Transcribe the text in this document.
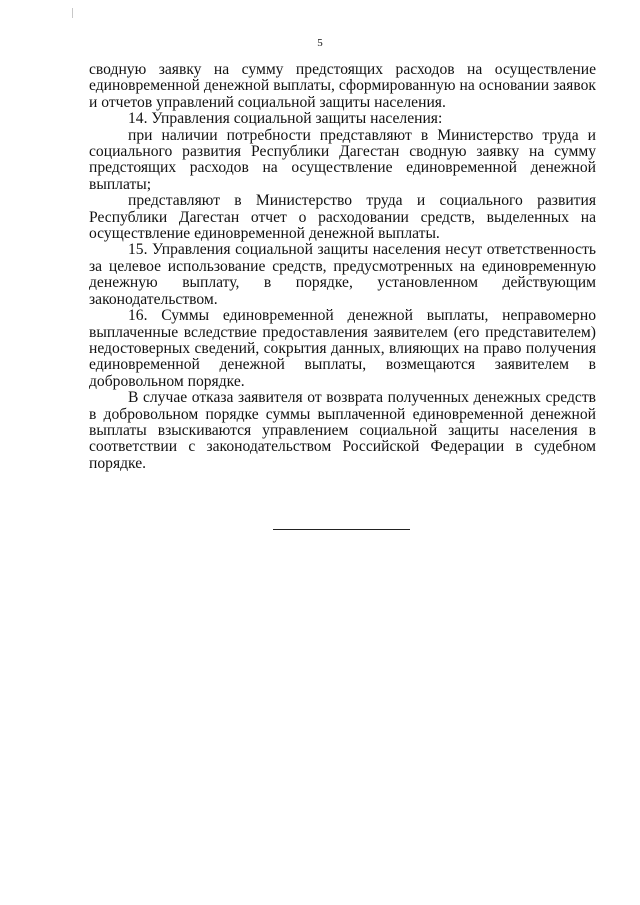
5

сводную заявку на сумму предстоящих расходов на осуществление единовременной денежной выплаты, сформированную на основании заявок и отчетов управлений социальной защиты населения.

14. Управления социальной защиты населения:

при наличии потребности представляют в Министерство труда и социального развития Республики Дагестан сводную заявку на сумму предстоящих расходов на осуществление единовременной денежной выплаты;

представляют в Министерство труда и социального развития Республики Дагестан отчет о расходовании средств, выделенных на осуществление единовременной денежной выплаты.

15. Управления социальной защиты населения несут ответственность за целевое использование средств, предусмотренных на единовременную денежную выплату, в порядке, установленном действующим законодательством.

16. Суммы единовременной денежной выплаты, неправомерно выплаченные вследствие предоставления заявителем (его представителем) недостоверных сведений, сокрытия данных, влияющих на право получения единовременной денежной выплаты, возмещаются заявителем в добровольном порядке.

В случае отказа заявителя от возврата полученных денежных средств в добровольном порядке суммы выплаченной единовременной денежной выплаты взыскиваются управлением социальной защиты населения в соответствии с законодательством Российской Федерации в судебном порядке.
